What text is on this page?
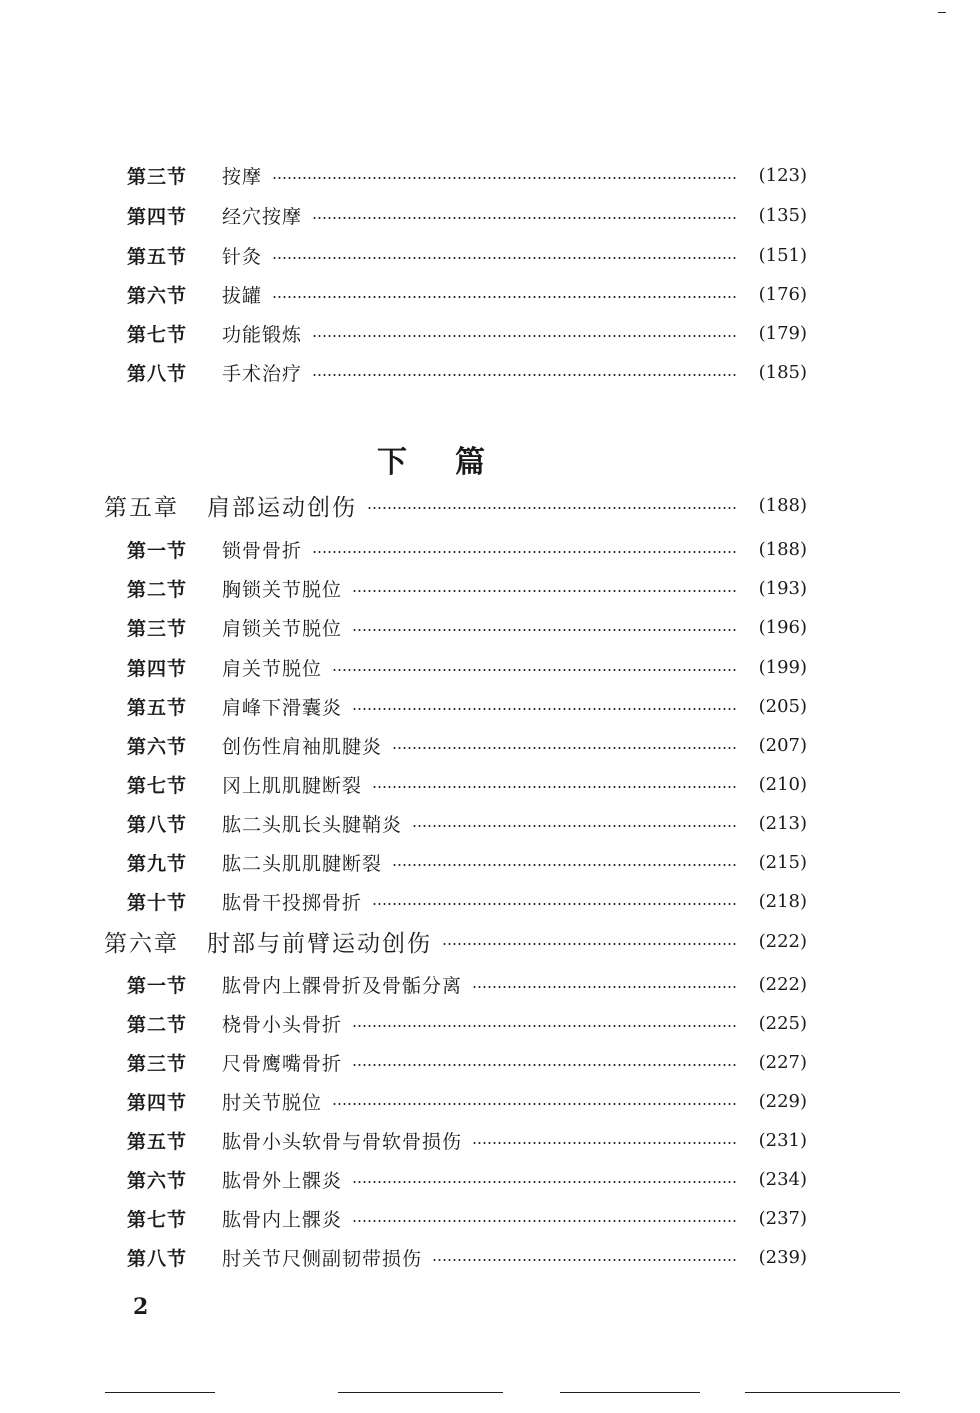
第三节	按摩	(123)
第四节	经穴按摩	(135)
第五节	针灸	(151)
第六节	拔罐	(176)
第七节	功能锻炼	(179)
第八节	手术治疗	(185)
下篇
第五章	肩部运动创伤	(188)
第一节	锁骨骨折	(188)
第二节	胸锁关节脱位	(193)
第三节	肩锁关节脱位	(196)
第四节	肩关节脱位	(199)
第五节	肩峰下滑囊炎	(205)
第六节	创伤性肩袖肌腱炎	(207)
第七节	冈上肌肌腱断裂	(210)
第八节	肱二头肌长头腱鞘炎	(213)
第九节	肱二头肌肌腱断裂	(215)
第十节	肱骨干投掷骨折	(218)
第六章	肘部与前臂运动创伤	(222)
第一节	肱骨内上髁骨折及骨骺分离	(222)
第二节	桡骨小头骨折	(225)
第三节	尺骨鹰嘴骨折	(227)
第四节	肘关节脱位	(229)
第五节	肱骨小头软骨与骨软骨损伤	(231)
第六节	肱骨外上髁炎	(234)
第七节	肱骨内上髁炎	(237)
第八节	肘关节尺侧副韧带损伤	(239)
2
